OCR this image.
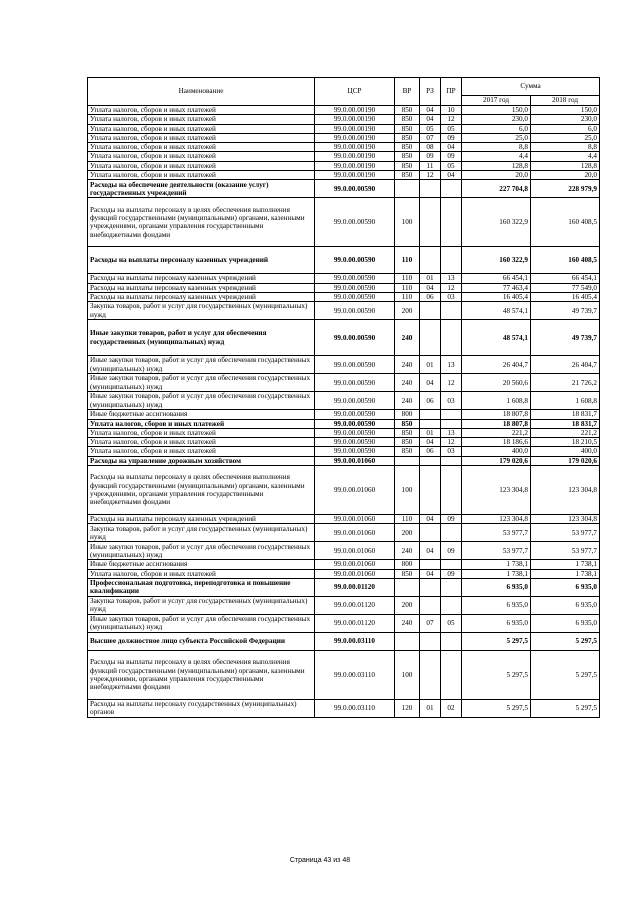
Наименование	ЦСР	ВР	РЗ	ПР	Сумма	
					2017 год	2018 год
Уплата налогов, сборов и иных платежей	99.0.00.00190	850	04	10	150,0	150,0
Уплата налогов, сборов и иных платежей	99.0.00.00190	850	04	12	230,0	230,0
Уплата налогов, сборов и иных платежей	99.0.00.00190	850	05	05	6,0	6,0
Уплата налогов, сборов и иных платежей	99.0.00.00190	850	07	09	25,0	25,0
Уплата налогов, сборов и иных платежей	99.0.00.00190	850	08	04	8,8	8,8
Уплата налогов, сборов и иных платежей	99.0.00.00190	850	09	09	4,4	4,4
Уплата налогов, сборов и иных платежей	99.0.00.00190	850	11	05	128,8	128,8
Уплата налогов, сборов и иных платежей	99.0.00.00190	850	12	04	20,0	20,0
Расходы на обеспечение деятельности (оказание услуг) государственных учреждений	99.0.00.00590				227 704,8	228 979,9
Расходы на выплаты персоналу в целях обеспечения выполнения функций государственными (муниципальными) органами, казенными учреждениями, органами управления государственными внебюджетными фондами	99.0.00.00590	100			160 322,9	160 408,5
Расходы на выплаты персоналу казенных учреждений	99.0.00.00590	110			160 322,9	160 408,5
Расходы на выплаты персоналу казенных учреждений	99.0.00.00590	110	01	13	66 454,1	66 454,1
Расходы на выплаты персоналу казенных учреждений	99.0.00.00590	110	04	12	77 463,4	77 549,0
Расходы на выплаты персоналу казенных учреждений	99.0.00.00590	110	06	03	16 405,4	16 405,4
Закупка товаров, работ и услуг для государственных (муниципальных) нужд	99.0.00.00590	200			48 574,1	49 739,7
Иные закупки товаров, работ и услуг для обеспечения государственных (муниципальных) нужд	99.0.00.00590	240			48 574,1	49 739,7
Иные закупки товаров, работ и услуг для обеспечения государственных (муниципальных) нужд	99.0.00.00590	240	01	13	26 404,7	26 404,7
Иные закупки товаров, работ и услуг для обеспечения государственных (муниципальных) нужд	99.0.00.00590	240	04	12	20 560,6	21 726,2
Иные закупки товаров, работ и услуг для обеспечения государственных (муниципальных) нужд	99.0.00.00590	240	06	03	1 608,8	1 608,8
Иные бюджетные ассигнования	99.0.00.00590	800			18 807,8	18 831,7
Уплата налогов, сборов и иных платежей	99.0.00.00590	850			18 807,8	18 831,7
Уплата налогов, сборов и иных платежей	99.0.00.00590	850	01	13	221,2	221,2
Уплата налогов, сборов и иных платежей	99.0.00.00590	850	04	12	18 186,6	18 210,5
Уплата налогов, сборов и иных платежей	99.0.00.00590	850	06	03	400,0	400,0
Расходы на управление дорожным хозяйством	99.0.00.01060				179 020,6	179 020,6
Расходы на выплаты персоналу в целях обеспечения выполнения функций государственными (муниципальными) органами, казенными учреждениями, органами управления государственными внебюджетными фондами	99.0.00.01060	100			123 304,8	123 304,8
Расходы на выплаты персоналу казенных учреждений	99.0.00.01060	110	04	09	123 304,8	123 304,8
Закупка товаров, работ и услуг для государственных (муниципальных) нужд	99.0.00.01060	200			53 977,7	53 977,7
Иные закупки товаров, работ и услуг для обеспечения государственных (муниципальных) нужд	99.0.00.01060	240	04	09	53 977,7	53 977,7
Иные бюджетные ассигнования	99.0.00.01060	800			1 738,1	1 738,1
Уплата налогов, сборов и иных платежей	99.0.00.01060	850	04	09	1 738,1	1 738,1
Профессиональная подготовка, переподготовка и повышение квалификации	99.0.00.01120				6 935,0	6 935,0
Закупка товаров, работ и услуг для государственных (муниципальных) нужд	99.0.00.01120	200			6 935,0	6 935,0
Иные закупки товаров, работ и услуг для обеспечения государственных (муниципальных) нужд	99.0.00.01120	240	07	05	6 935,0	6 935,0
Высшее должностное лицо субъекта Российской Федерации	99.0.00.03110				5 297,5	5 297,5
Расходы на выплаты персоналу в целях обеспечения выполнения функций государственными (муниципальными) органами, казенными учреждениями, органами управления государственными внебюджетными фондами	99.0.00.03110	100			5 297,5	5 297,5
Расходы на выплаты персоналу государственных (муниципальных) органов	99.0.00.03110	120	01	02	5 297,5	5 297,5
Страница 43 из 48
